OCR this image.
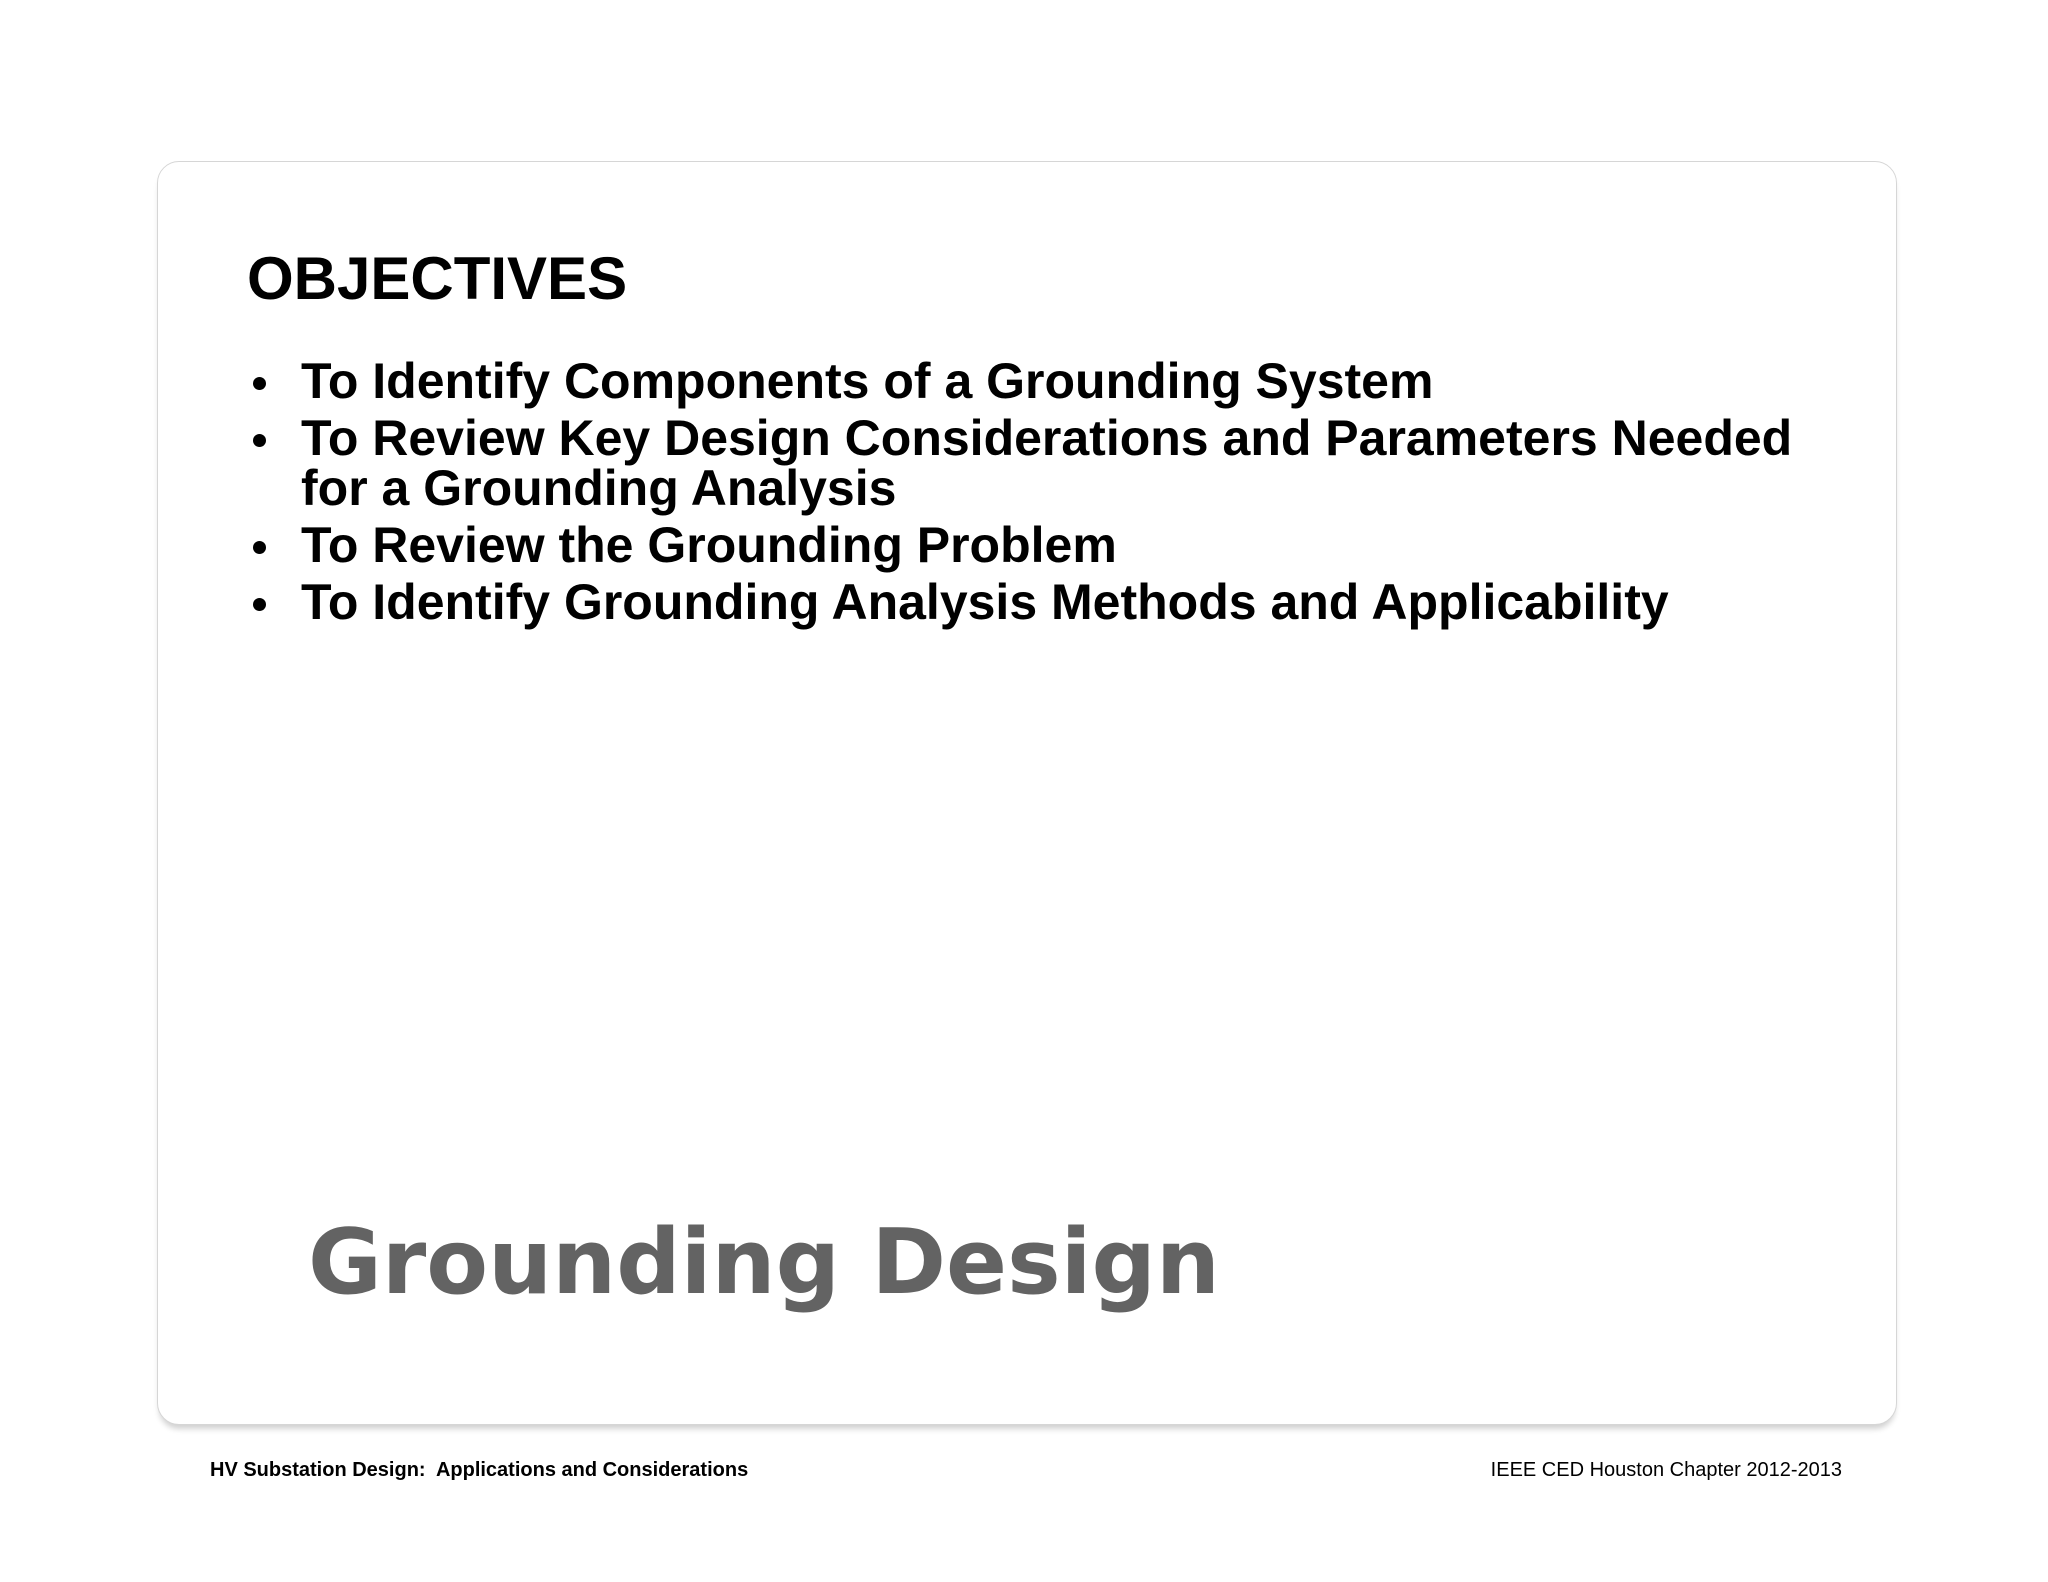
OBJECTIVES
To Identify Components of a Grounding System
To Review Key Design Considerations and Parameters Needed for a Grounding Analysis
To Review the Grounding Problem
To Identify Grounding Analysis Methods and Applicability
Grounding Design
HV Substation Design:  Applications and Considerations	IEEE CED Houston Chapter 2012-2013
